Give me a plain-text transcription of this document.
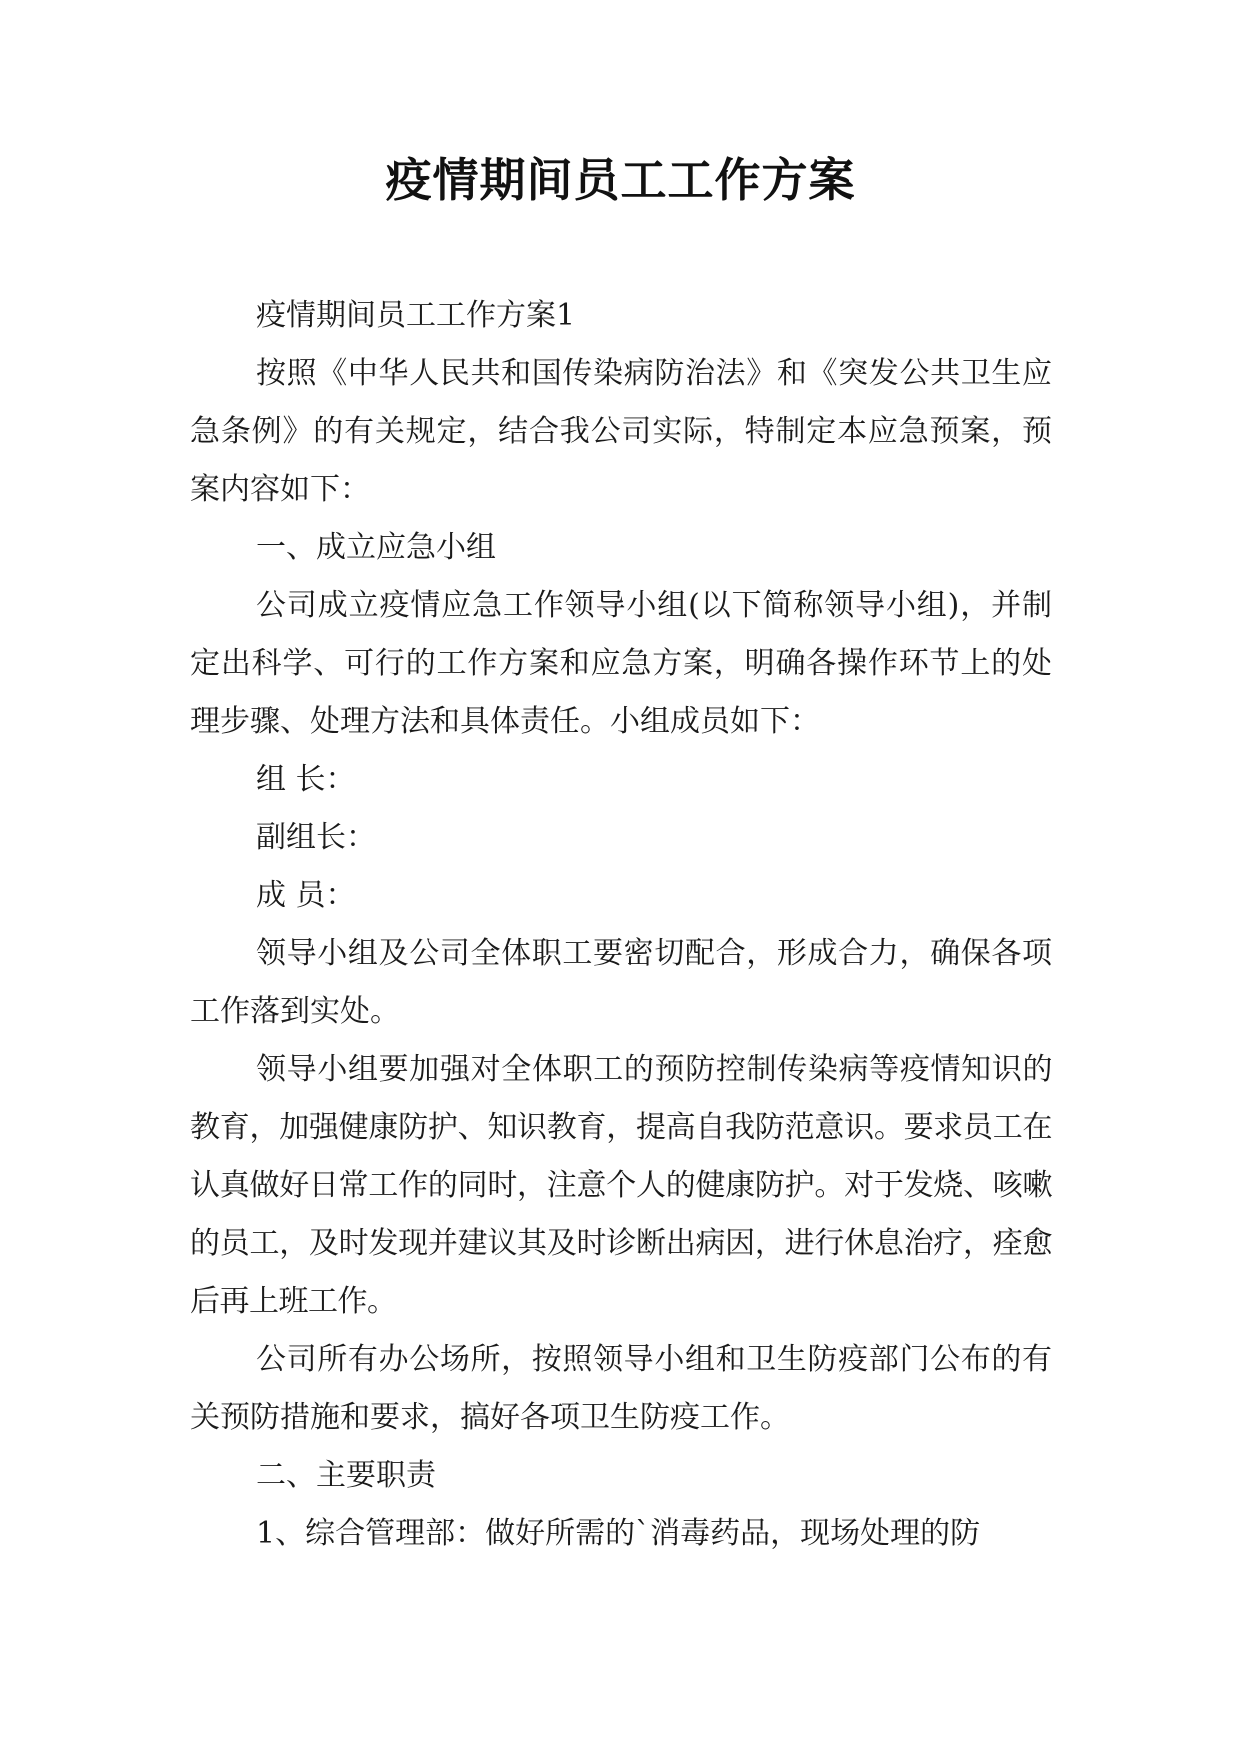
疫情期间员工工作方案

疫情期间员工工作方案1

按照《中华人民共和国传染病防治法》和《突发公共卫生应急条例》的有关规定，结合我公司实际，特制定本应急预案，预案内容如下：

一、成立应急小组

公司成立疫情应急工作领导小组(以下简称领导小组)，并制定出科学、可行的工作方案和应急方案，明确各操作环节上的处理步骤、处理方法和具体责任。小组成员如下：

组 长：

副组长：

成 员：

领导小组及公司全体职工要密切配合，形成合力，确保各项工作落到实处。

领导小组要加强对全体职工的预防控制传染病等疫情知识的教育，加强健康防护、知识教育，提高自我防范意识。要求员工在认真做好日常工作的同时，注意个人的健康防护。对于发烧、咳嗽的员工，及时发现并建议其及时诊断出病因，进行休息治疗，痊愈后再上班工作。

公司所有办公场所，按照领导小组和卫生防疫部门公布的有关预防措施和要求，搞好各项卫生防疫工作。

二、主要职责

1、综合管理部：做好所需的`消毒药品，现场处理的防
